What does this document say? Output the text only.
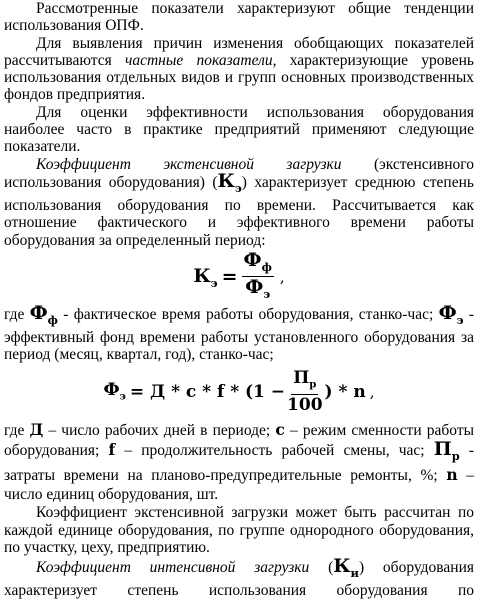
Рассмотренные показатели характеризуют общие тенденции использования ОПФ.

Для выявления причин изменения обобщающих показателей рассчитываются частные показатели, характеризующие уровень использования отдельных видов и групп основных производственных фондов предприятия.

Для оценки эффективности использования оборудования наиболее часто в практике предприятий применяют следующие показатели.

Коэффициент экстенсивной загрузки (экстенсивного использования оборудования) $(К_э)$ характеризует среднюю степень использования оборудования по времени. Рассчитывается как отношение фактического и эффективного времени работы оборудования за определенный период:

$К_э = \frac{Ф_ф}{Ф_э}$ ,

где $Ф_ф$ - фактическое время работы оборудования, станко-час; $Ф_э$ - эффективный фонд времени работы установленного оборудования за период (месяц, квартал, год), станко-час;

$Ф_э = Д * с * f * (1 - \frac{П_р}{100}$ ) * n ,

где Д – число рабочих дней в периоде; с – режим сменности работы оборудования; f – продолжительность рабочей смены, час; $П_р$ - затраты времени на планово-предупредительные ремонты, %; n – число единиц оборудования, шт.

Коэффициент экстенсивной загрузки может быть рассчитан по каждой единице оборудования, по группе однородного оборудования, по участку, цеху, предприятию.

Коэффициент интенсивной загрузки $(К_и)$ оборудования

характеризует степень использования оборудования по
